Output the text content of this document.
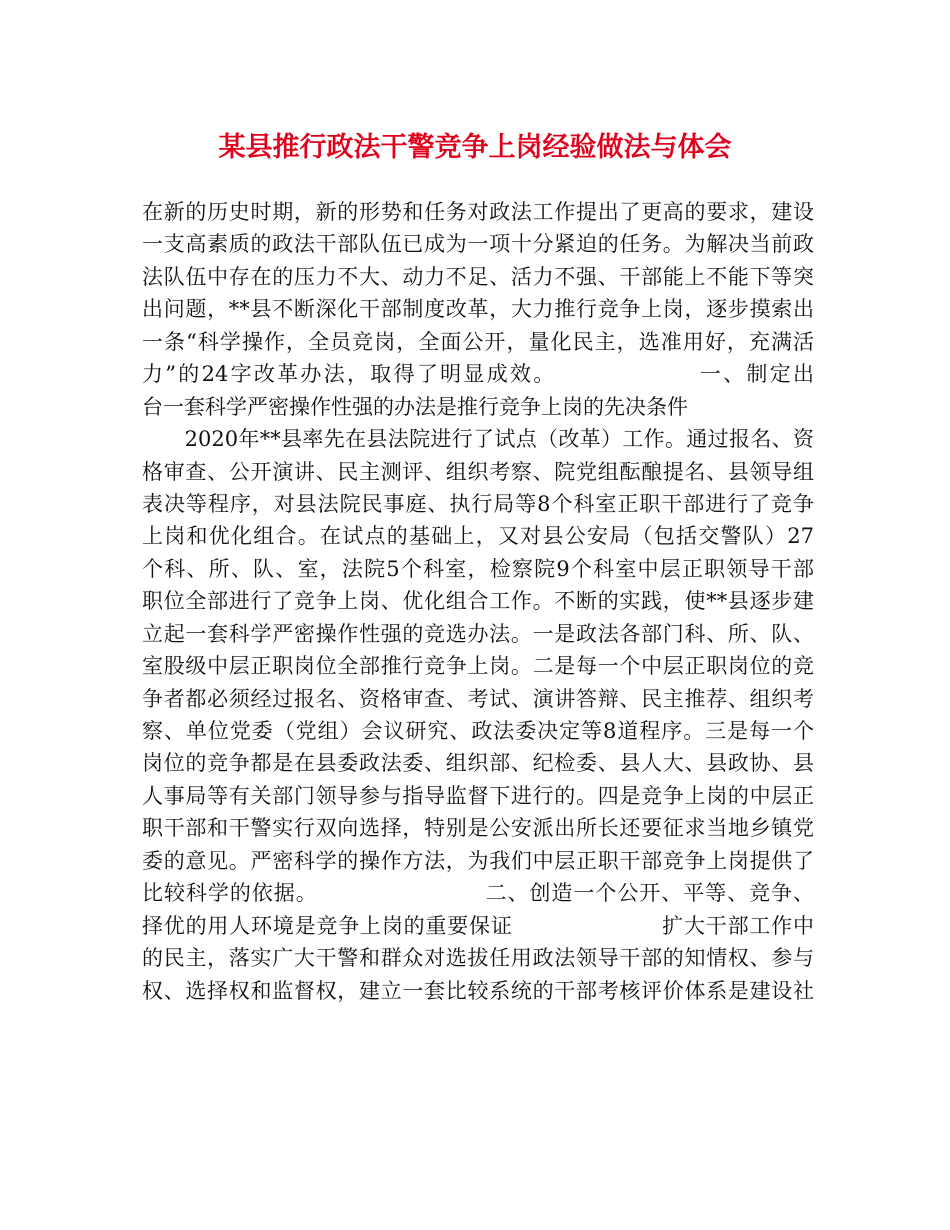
某县推行政法干警竞争上岗经验做法与体会
在新的历史时期，新的形势和任务对政法工作提出了更高的要求，建设
一支高素质的政法干部队伍已成为一项十分紧迫的任务。为解决当前政
法队伍中存在的压力不大、动力不足、活力不强、干部能上不能下等突
出问题，**县不断深化干部制度改革，大力推行竞争上岗，逐步摸索出
一条“科学操作，全员竞岗，全面公开，量化民主，选准用好，充满活
力”的24字改革办法，取得了明显成效。                一、制定出
台一套科学严密操作性强的办法是推行竞争上岗的先决条件
　　2020年**县率先在县法院进行了试点（改革）工作。通过报名、资
格审查、公开演讲、民主测评、组织考察、院党组酝酿提名、县领导组
表决等程序，对县法院民事庭、执行局等8个科室正职干部进行了竞争
上岗和优化组合。在试点的基础上，又对县公安局（包括交警队）27
个科、所、队、室，法院5个科室，检察院9个科室中层正职领导干部
职位全部进行了竞争上岗、优化组合工作。不断的实践，使**县逐步建
立起一套科学严密操作性强的竞选办法。一是政法各部门科、所、队、
室股级中层正职岗位全部推行竞争上岗。二是每一个中层正职岗位的竞
争者都必须经过报名、资格审查、考试、演讲答辩、民主推荐、组织考
察、单位党委（党组）会议研究、政法委决定等8道程序。三是每一个
岗位的竞争都是在县委政法委、组织部、纪检委、县人大、县政协、县
人事局等有关部门领导参与指导监督下进行的。四是竞争上岗的中层正
职干部和干警实行双向选择，特别是公安派出所长还要征求当地乡镇党
委的意见。严密科学的操作方法，为我们中层正职干部竞争上岗提供了
比较科学的依据。                      二、创造一个公开、平等、竞争、
择优的用人环境是竞争上岗的重要保证                    扩大干部工作中
的民主，落实广大干警和群众对选拔任用政法领导干部的知情权、参与
权、选择权和监督权，建立一套比较系统的干部考核评价体系是建设社
